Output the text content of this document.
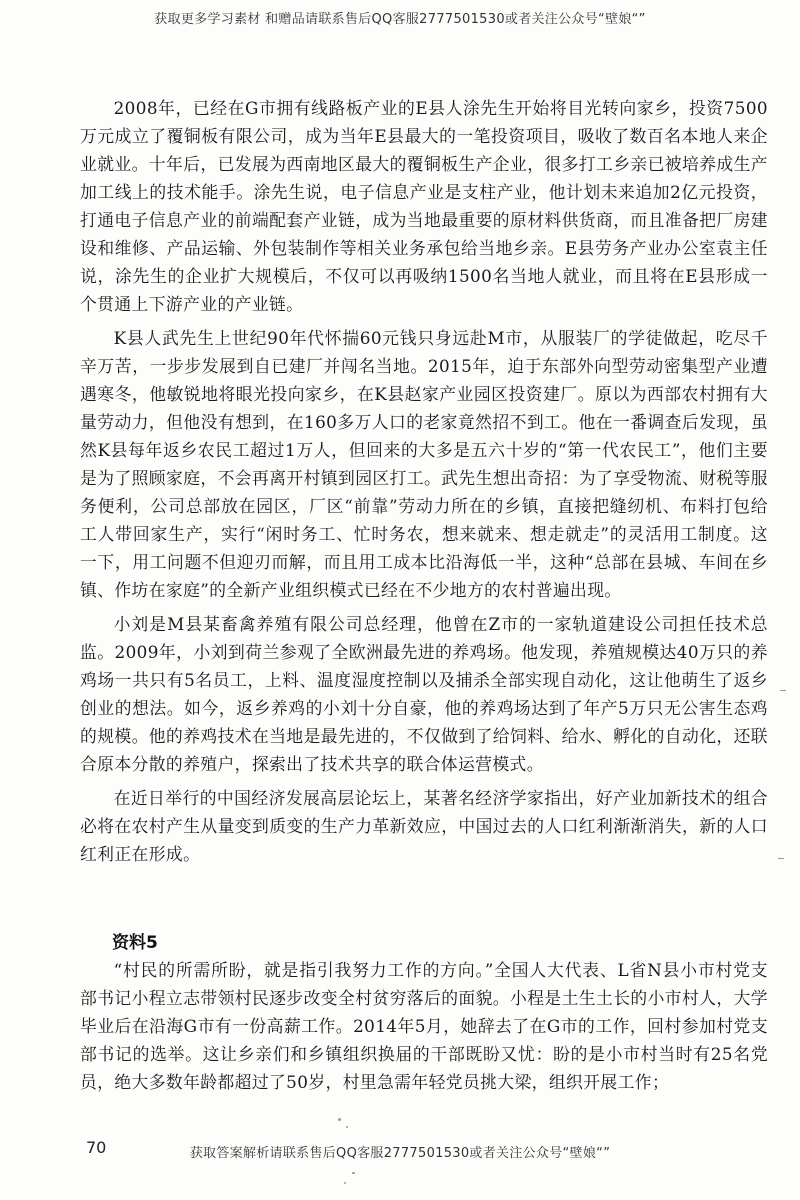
获取更多学习素材 和赠品请联系售后QQ客服2777501530或者关注公众号“壁娘“”

2008年，已经在G市拥有线路板产业的E县人涂先生开始将目光转向家乡，投资7500万元成立了覆铜板有限公司，成为当年E县最大的一笔投资项目，吸收了数百名本地人来企业就业。十年后，已发展为西南地区最大的覆铜板生产企业，很多打工乡亲已被培养成生产加工线上的技术能手。涂先生说，电子信息产业是支柱产业，他计划未来追加2亿元投资，打通电子信息产业的前端配套产业链，成为当地最重要的原材料供货商，而且准备把厂房建设和维修、产品运输、外包装制作等相关业务承包给当地乡亲。E县劳务产业办公室袁主任说，涂先生的企业扩大规模后，不仅可以再吸纳1500名当地人就业，而且将在E县形成一个贯通上下游产业的产业链。

K县人武先生上世纪90年代怀揣60元钱只身远赴M市，从服装厂的学徒做起，吃尽千辛万苦，一步步发展到自已建厂并闯名当地。2015年，迫于东部外向型劳动密集型产业遭遇寒冬，他敏锐地将眼光投向家乡，在K县赵家产业园区投资建厂。原以为西部农村拥有大量劳动力，但他没有想到，在160多万人口的老家竟然招不到工。他在一番调查后发现，虽然K县每年返乡农民工超过1万人，但回来的大多是五六十岁的“第一代农民工”，他们主要是为了照顾家庭，不会再离开村镇到园区打工。武先生想出奇招：为了享受物流、财税等服务便利，公司总部放在园区，厂区“前靠”劳动力所在的乡镇，直接把缝纫机、布料打包给工人带回家生产，实行“闲时务工、忙时务农，想来就来、想走就走”的灵活用工制度。这一下，用工问题不但迎刃而解，而且用工成本比沿海低一半，这种“总部在县城、车间在乡镇、作坊在家庭”的全新产业组织模式已经在不少地方的农村普遍出现。

小刘是M县某畜禽养殖有限公司总经理，他曾在Z市的一家轨道建设公司担任技术总监。2009年，小刘到荷兰参观了全欧洲最先进的养鸡场。他发现，养殖规模达40万只的养鸡场一共只有5名员工，上料、温度湿度控制以及捕杀全部实现自动化，这让他萌生了返乡创业的想法。如今，返乡养鸡的小刘十分自豪，他的养鸡场达到了年产5万只无公害生态鸡的规模。他的养鸡技术在当地是最先进的，不仅做到了给饲料、给水、孵化的自动化，还联合原本分散的养殖户，探索出了技术共享的联合体运营模式。

在近日举行的中国经济发展高层论坛上，某著名经济学家指出，好产业加新技术的组合必将在农村产生从量变到质变的生产力革新效应，中国过去的人口红利渐渐消失，新的人口红利正在形成。

资料5

“村民的所需所盼，就是指引我努力工作的方向。”全国人大代表、L省N县小市村党支部书记小程立志带领村民逐步改变全村贫穷落后的面貌。小程是土生土长的小市村人，大学毕业后在沿海G市有一份高薪工作。2014年5月，她辞去了在G市的工作，回村参加村党支部书记的选举。这让乡亲们和乡镇组织换届的干部既盼又忧：盼的是小市村当时有25名党员，绝大多数年龄都超过了50岁，村里急需年轻党员挑大梁，组织开展工作；

70	获取答案解析请联系售后QQ客服2777501530或者关注公众号“壁娘“”
